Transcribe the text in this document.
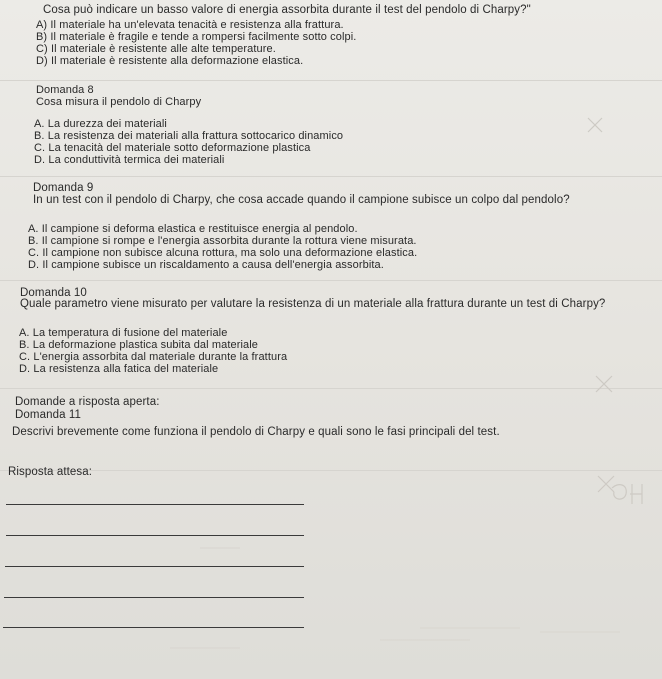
Cosa può indicare un basso valore di energia assorbita durante il test del pendolo di Charpy?"
A) Il materiale ha un'elevata tenacità e resistenza alla frattura.
B) Il materiale è fragile e tende a rompersi facilmente sotto colpi.
C) Il materiale è resistente alle alte temperature.
D) Il materiale è resistente alla deformazione elastica.
Domanda 8
Cosa misura il pendolo di Charpy
A. La durezza dei materiali
B. La resistenza dei materiali alla frattura sottocarico dinamico
C. La tenacità del materiale sotto deformazione plastica
D. La conduttività termica dei materiali
Domanda 9
In un test con il pendolo di Charpy, che cosa accade quando il campione subisce un colpo dal pendolo?
A. Il campione si deforma elastica e restituisce energia al pendolo.
B. Il campione si rompe e l'energia assorbita durante la rottura viene misurata.
C. Il campione non subisce alcuna rottura, ma solo una deformazione elastica.
D. Il campione subisce un riscaldamento a causa dell'energia assorbita.
Domanda 10
Quale parametro viene misurato per valutare la resistenza di un materiale alla frattura durante un test di Charpy?
A. La temperatura di fusione del materiale
B. La deformazione plastica subita dal materiale
C. L'energia assorbita dal materiale durante la frattura
D. La resistenza alla fatica del materiale
Domande a risposta aperta:
Domanda 11
Descrivi brevemente come funziona il pendolo di Charpy e quali sono le fasi principali del test.
Risposta attesa:
